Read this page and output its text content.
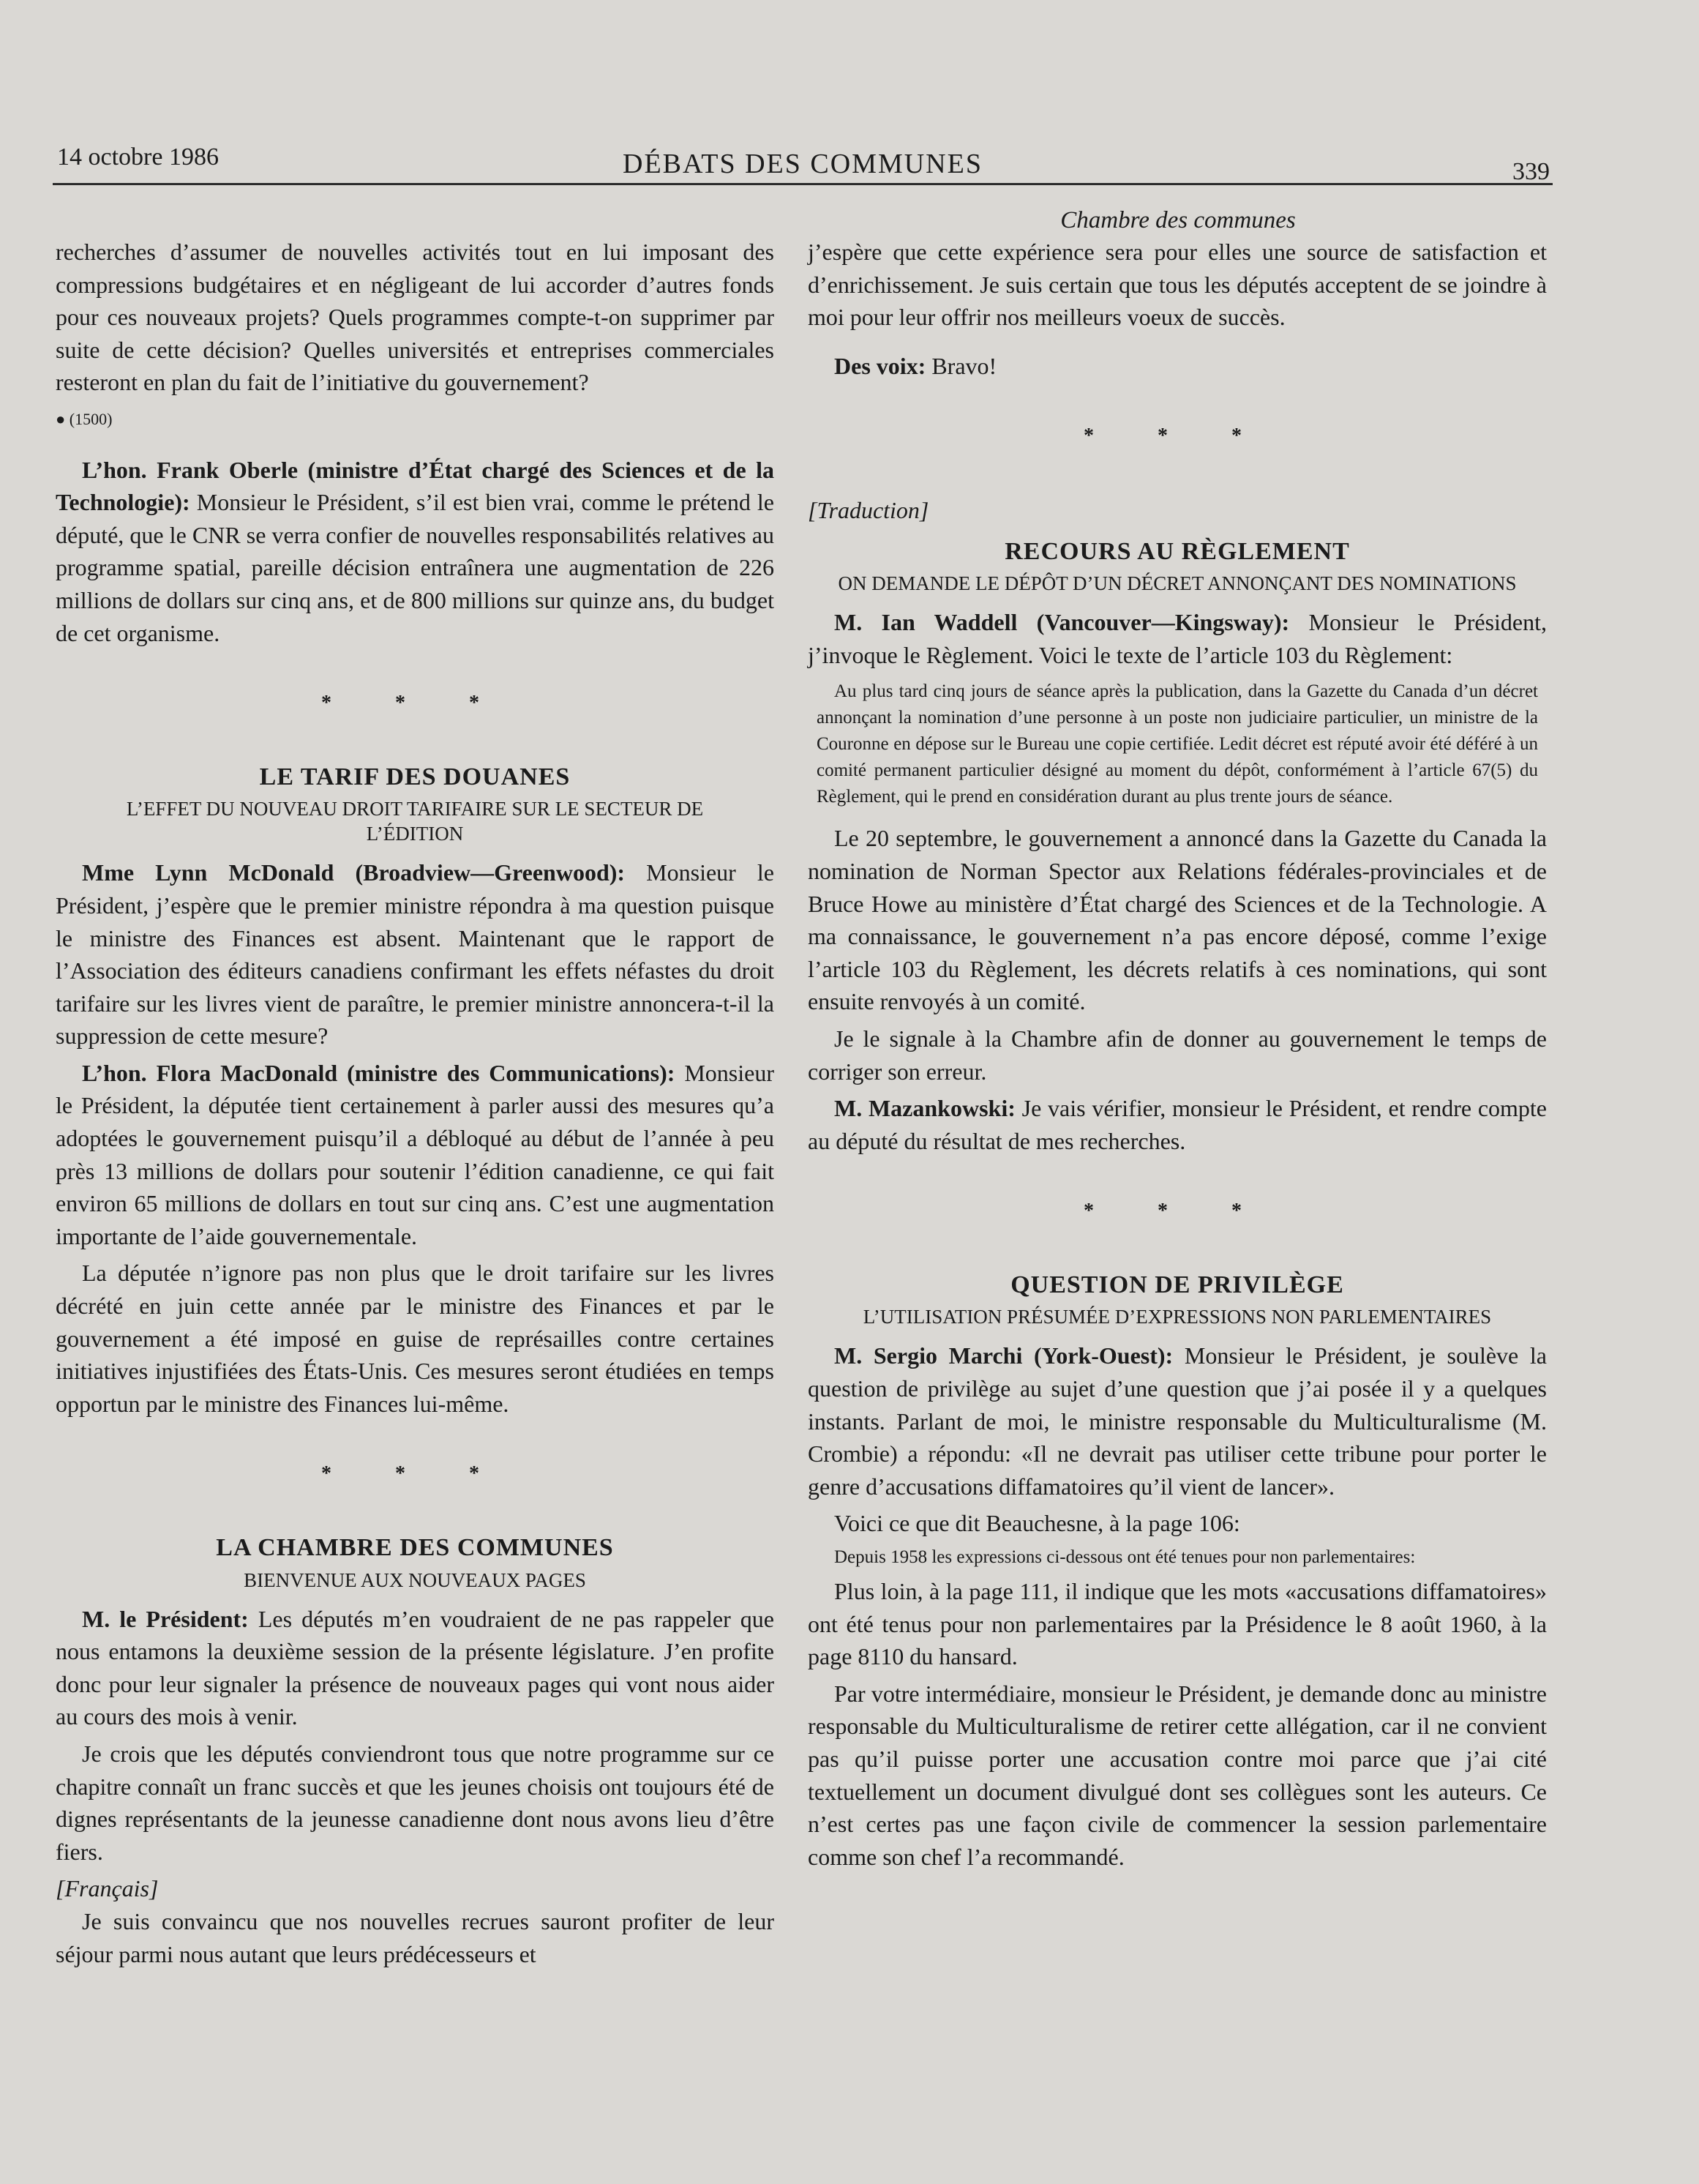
14 octobre 1986	DÉBATS DES COMMUNES	339
Chambre des communes

recherches d’assumer de nouvelles activités tout en lui imposant des compressions budgétaires et en négligeant de lui accorder d’autres fonds pour ces nouveaux projets? Quels programmes compte-t-on supprimer par suite de cette décision? Quelles universités et entreprises commerciales resteront en plan du fait de l’initiative du gouvernement?

● (1500)

L’hon. Frank Oberle (ministre d’État chargé des Sciences et de la Technologie): Monsieur le Président, s’il est bien vrai, comme le prétend le député, que le CNR se verra confier de nouvelles responsabilités relatives au programme spatial, pareille décision entraînera une augmentation de 226 millions de dollars sur cinq ans, et de 800 millions sur quinze ans, du budget de cet organisme.

* * *
LE TARIF DES DOUANES
L’EFFET DU NOUVEAU DROIT TARIFAIRE SUR LE SECTEUR DE L’ÉDITION

Mme Lynn McDonald (Broadview—Greenwood): Monsieur le Président, j’espère que le premier ministre répondra à ma question puisque le ministre des Finances est absent. Maintenant que le rapport de l’Association des éditeurs canadiens confirmant les effets néfastes du droit tarifaire sur les livres vient de paraître, le premier ministre annoncera-t-il la suppression de cette mesure?

L’hon. Flora MacDonald (ministre des Communications): Monsieur le Président, la députée tient certainement à parler aussi des mesures qu’a adoptées le gouvernement puisqu’il a débloqué au début de l’année à peu près 13 millions de dollars pour soutenir l’édition canadienne, ce qui fait environ 65 millions de dollars en tout sur cinq ans. C’est une augmentation importante de l’aide gouvernementale.

La députée n’ignore pas non plus que le droit tarifaire sur les livres décrété en juin cette année par le ministre des Finances et par le gouvernement a été imposé en guise de représailles contre certaines initiatives injustifiées des États-Unis. Ces mesures seront étudiées en temps opportun par le ministre des Finances lui-même.

* * *
LA CHAMBRE DES COMMUNES
BIENVENUE AUX NOUVEAUX PAGES

M. le Président: Les députés m’en voudraient de ne pas rappeler que nous entamons la deuxième session de la présente législature. J’en profite donc pour leur signaler la présence de nouveaux pages qui vont nous aider au cours des mois à venir.

Je crois que les députés conviendront tous que notre programme sur ce chapitre connaît un franc succès et que les jeunes choisis ont toujours été de dignes représentants de la jeunesse canadienne dont nous avons lieu d’être fiers.

[Français]

Je suis convaincu que nos nouvelles recrues sauront profiter de leur séjour parmi nous autant que leurs prédécesseurs et

j’espère que cette expérience sera pour elles une source de satisfaction et d’enrichissement. Je suis certain que tous les députés acceptent de se joindre à moi pour leur offrir nos meilleurs voeux de succès.

Des voix: Bravo!

* * *
[Traduction]
RECOURS AU RÈGLEMENT
ON DEMANDE LE DÉPÔT D’UN DÉCRET ANNONÇANT DES NOMINATIONS

M. Ian Waddell (Vancouver—Kingsway): Monsieur le Président, j’invoque le Règlement. Voici le texte de l’article 103 du Règlement:

Au plus tard cinq jours de séance après la publication, dans la Gazette du Canada d’un décret annonçant la nomination d’une personne à un poste non judiciaire particulier, un ministre de la Couronne en dépose sur le Bureau une copie certifiée. Ledit décret est réputé avoir été déféré à un comité permanent particulier désigné au moment du dépôt, conformément à l’article 67(5) du Règlement, qui le prend en considération durant au plus trente jours de séance.

Le 20 septembre, le gouvernement a annoncé dans la Gazette du Canada la nomination de Norman Spector aux Relations fédérales-provinciales et de Bruce Howe au ministère d’État chargé des Sciences et de la Technologie. A ma connaissance, le gouvernement n’a pas encore déposé, comme l’exige l’article 103 du Règlement, les décrets relatifs à ces nominations, qui sont ensuite renvoyés à un comité.

Je le signale à la Chambre afin de donner au gouvernement le temps de corriger son erreur.

M. Mazankowski: Je vais vérifier, monsieur le Président, et rendre compte au député du résultat de mes recherches.

* * *
QUESTION DE PRIVILÈGE
L’UTILISATION PRÉSUMÉE D’EXPRESSIONS NON PARLEMENTAIRES

M. Sergio Marchi (York-Ouest): Monsieur le Président, je soulève la question de privilège au sujet d’une question que j’ai posée il y a quelques instants. Parlant de moi, le ministre responsable du Multiculturalisme (M. Crombie) a répondu: «Il ne devrait pas utiliser cette tribune pour porter le genre d’accusations diffamatoires qu’il vient de lancer».

Voici ce que dit Beauchesne, à la page 106:

Depuis 1958 les expressions ci-dessous ont été tenues pour non parlementaires:

Plus loin, à la page 111, il indique que les mots «accusations diffamatoires» ont été tenus pour non parlementaires par la Présidence le 8 août 1960, à la page 8110 du hansard.

Par votre intermédiaire, monsieur le Président, je demande donc au ministre responsable du Multiculturalisme de retirer cette allégation, car il ne convient pas qu’il puisse porter une accusation contre moi parce que j’ai cité textuellement un document divulgué dont ses collègues sont les auteurs. Ce n’est certes pas une façon civile de commencer la session parlementaire comme son chef l’a recommandé.
